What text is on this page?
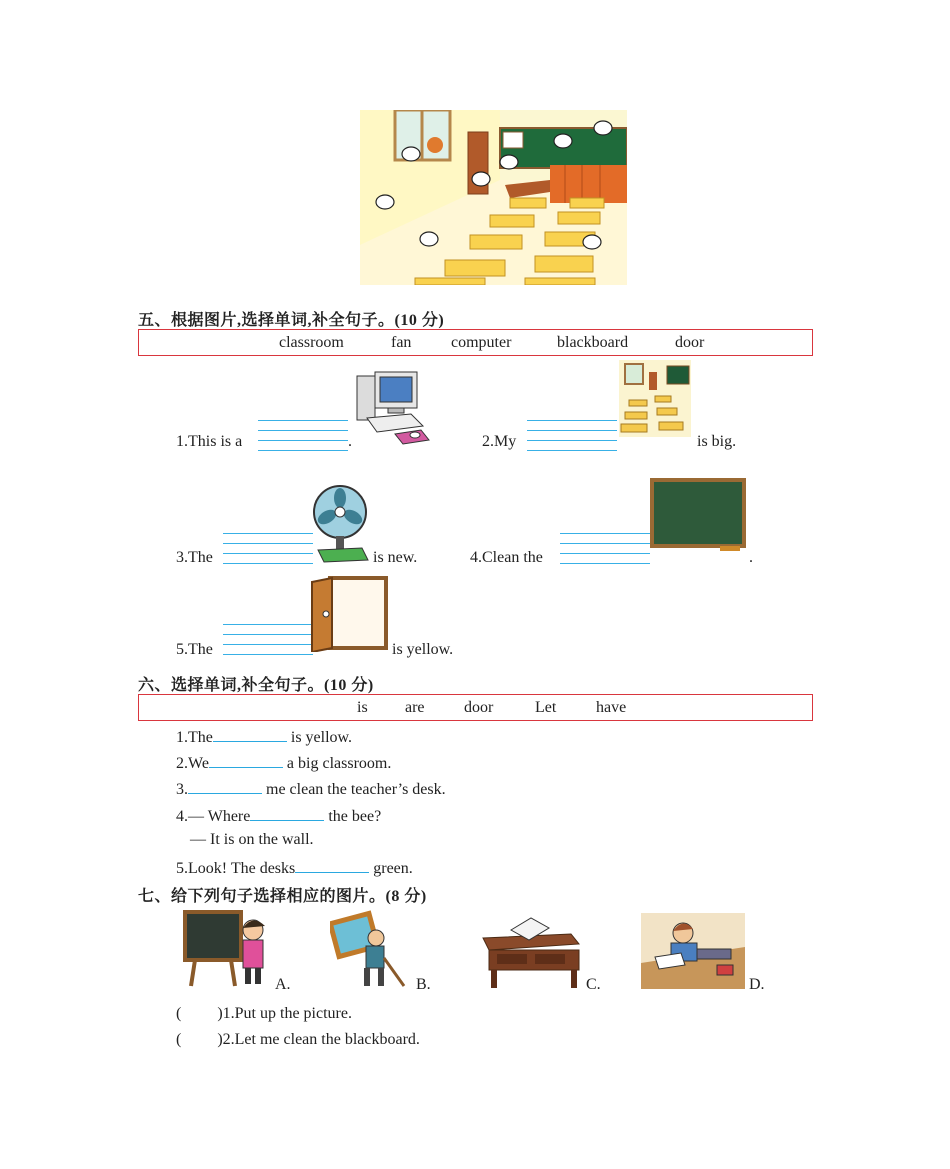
五、根据图片,选择单词,补全句子。(10 分)
classroom	fan computer	blackboard	door
1.This is a	.	2.My	is big.
3.The	is new.	4.Clean the	.
5.The	is yellow.
六、选择单词,补全句子。(10 分)
is are door	Let have
1.The	is yellow.
2.We	a big classroom.
3.	me clean the teacher’s desk.
4.— Where	the bee?
— It is on the wall.
5.Look! The desks	green.
七、给下列句子选择相应的图片。(8 分)
A.	B.	C.	D.
( )1.Put up the picture.
( )2.Let me clean the blackboard.
